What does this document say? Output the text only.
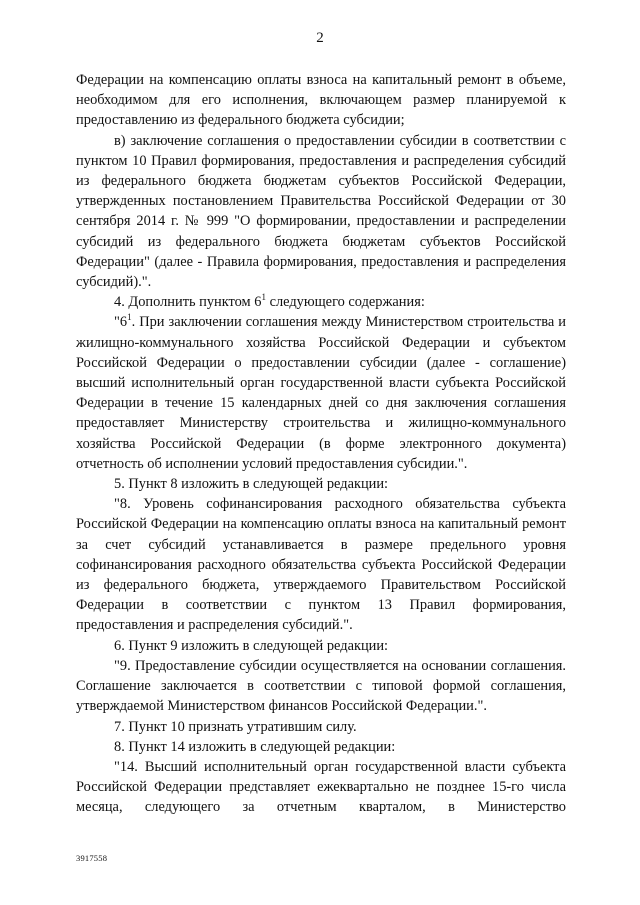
2

Федерации на компенсацию оплаты взноса на капитальный ремонт в объеме, необходимом для его исполнения, включающем размер планируемой к предоставлению из федерального бюджета субсидии;

в) заключение соглашения о предоставлении субсидии в соответствии с пунктом 10 Правил формирования, предоставления и распределения субсидий из федерального бюджета бюджетам субъектов Российской Федерации, утвержденных постановлением Правительства Российской Федерации от 30 сентября 2014 г. № 999 "О формировании, предоставлении и распределении субсидий из федерального бюджета бюджетам субъектов Российской Федерации" (далее - Правила формирования, предоставления и распределения субсидий).".

4. Дополнить пунктом $6^1$ следующего содержания:

"$6^1$. При заключении соглашения между Министерством строительства и жилищно-коммунального хозяйства Российской Федерации и субъектом Российской Федерации о предоставлении субсидии (далее - соглашение) высший исполнительный орган государственной власти субъекта Российской Федерации в течение 15 календарных дней со дня заключения соглашения предоставляет Министерству строительства и жилищно-коммунального хозяйства Российской Федерации (в форме электронного документа) отчетность об исполнении условий предоставления субсидии.".

5. Пункт 8 изложить в следующей редакции:

"8. Уровень софинансирования расходного обязательства субъекта Российской Федерации на компенсацию оплаты взноса на капитальный ремонт за счет субсидий устанавливается в размере предельного уровня софинансирования расходного обязательства субъекта Российской Федерации из федерального бюджета, утверждаемого Правительством Российской Федерации в соответствии с пунктом 13 Правил формирования, предоставления и распределения субсидий.".

6. Пункт 9 изложить в следующей редакции:

"9. Предоставление субсидии осуществляется на основании соглашения. Соглашение заключается в соответствии с типовой формой соглашения, утверждаемой Министерством финансов Российской Федерации.".

7. Пункт 10 признать утратившим силу.

8. Пункт 14 изложить в следующей редакции:

"14. Высший исполнительный орган государственной власти субъекта Российской Федерации представляет ежеквартально не позднее 15-го числа месяца, следующего за отчетным кварталом, в Министерство

3917558
